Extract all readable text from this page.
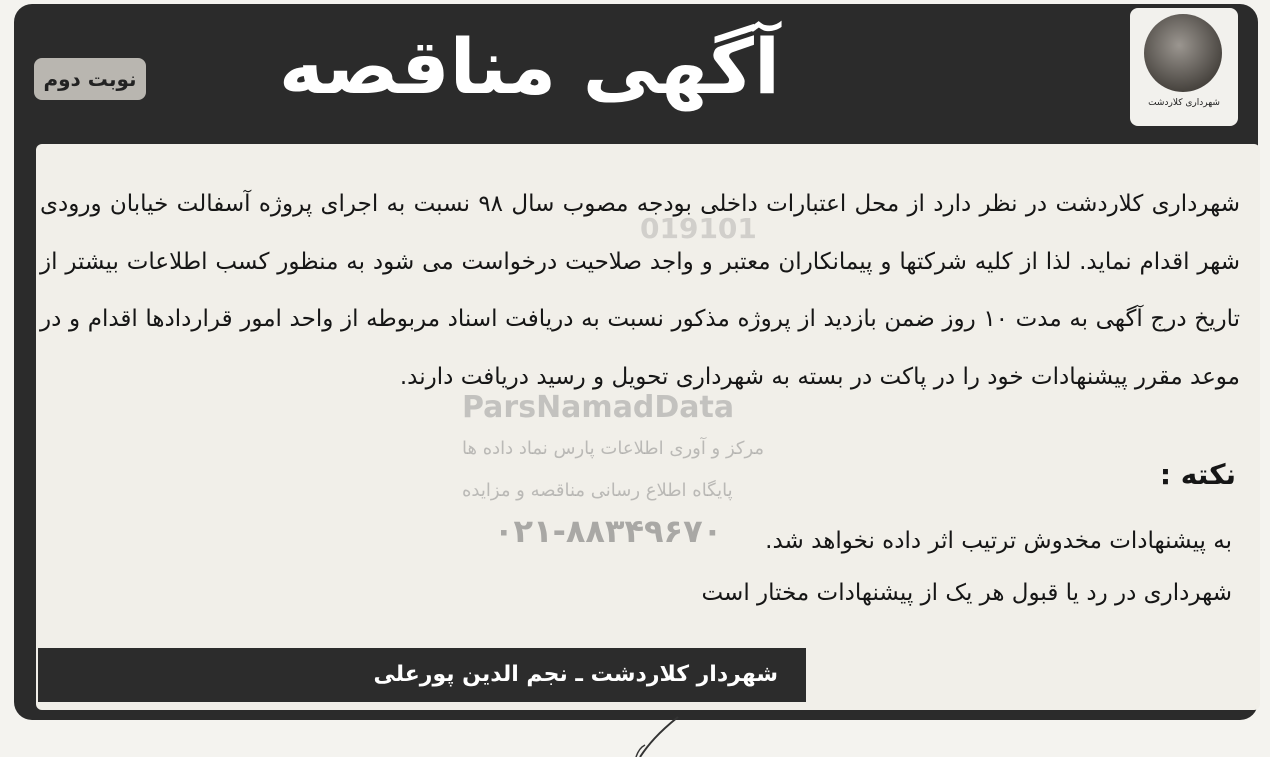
شهرداری کلاردشت
آگهی مناقصه
نوبت دوم
019101
ParsNamadData
مرکز و آوری اطلاعات پارس نماد داده ها
پایگاه اطلاع رسانی مناقصه و مزایده
۰۲۱-۸۸۳۴۹۶۷۰

شهرداری کلاردشت در نظر دارد از محل اعتبارات داخلی بودجه مصوب سال ۹۸ نسبت به اجرای پروژه آسفالت خیابان ورودی شهر اقدام نماید. لذا از کلیه شرکتها و پیمانکاران معتبر و واجد صلاحیت درخواست می شود به منظور کسب اطلاعات بیشتر از تاریخ درج آگهی به مدت ۱۰ روز ضمن بازدید از پروژه مذکور نسبت به دریافت اسناد مربوطه از واحد امور قراردادها اقدام و در موعد مقرر پیشنهادات خود را در پاکت در بسته به شهرداری تحویل و رسید دریافت دارند.

نکته :
به پیشنهادات مخدوش ترتیب اثر داده نخواهد شد.
شهرداری در رد یا قبول هر یک از پیشنهادات مختار است
شهردار کلاردشت ـ نجم الدین پورعلی
